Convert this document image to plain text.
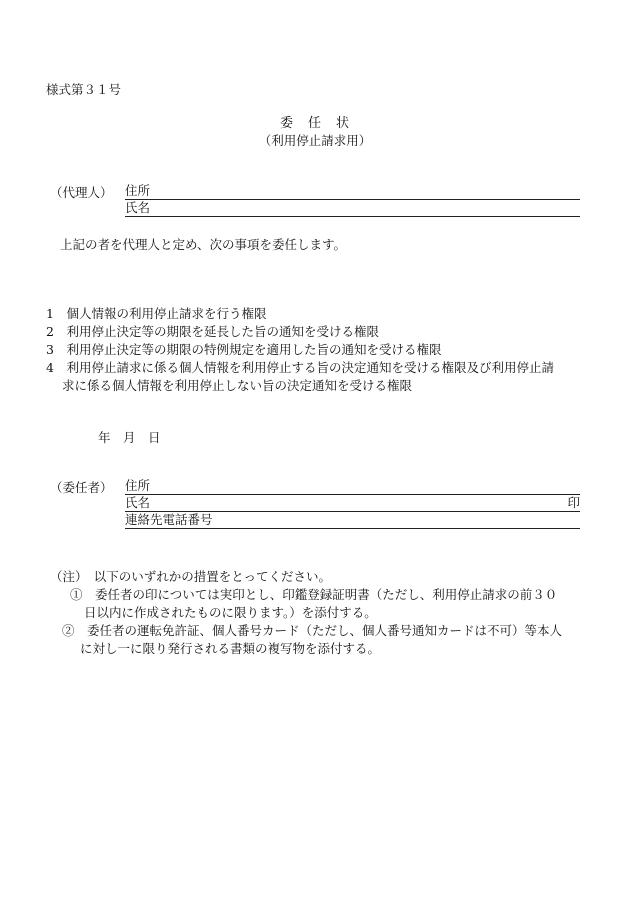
様式第３１号
委　任　状
（利用停止請求用）
（代理人） 住所
氏名
上記の者を代理人と定め、次の事項を委任します。
1　個人情報の利用停止請求を行う権限
2　利用停止決定等の期限を延長した旨の通知を受ける権限
3　利用停止決定等の期限の特例規定を適用した旨の通知を受ける権限
4　利用停止請求に係る個人情報を利用停止する旨の決定通知を受ける権限及び利用停止請
求に係る個人情報を利用停止しない旨の決定通知を受ける権限
年　月　日
（委任者） 住所
氏名	印
連絡先電話番号
（注）　以下のいずれかの措置をとってください。
①　委任者の印については実印とし、印鑑登録証明書（ただし、利用停止請求の前３０
日以内に作成されたものに限ります。）を添付する。
②　委任者の運転免許証、個人番号カード（ただし、個人番号通知カードは不可）等本人
に対し一に限り発行される書類の複写物を添付する。
